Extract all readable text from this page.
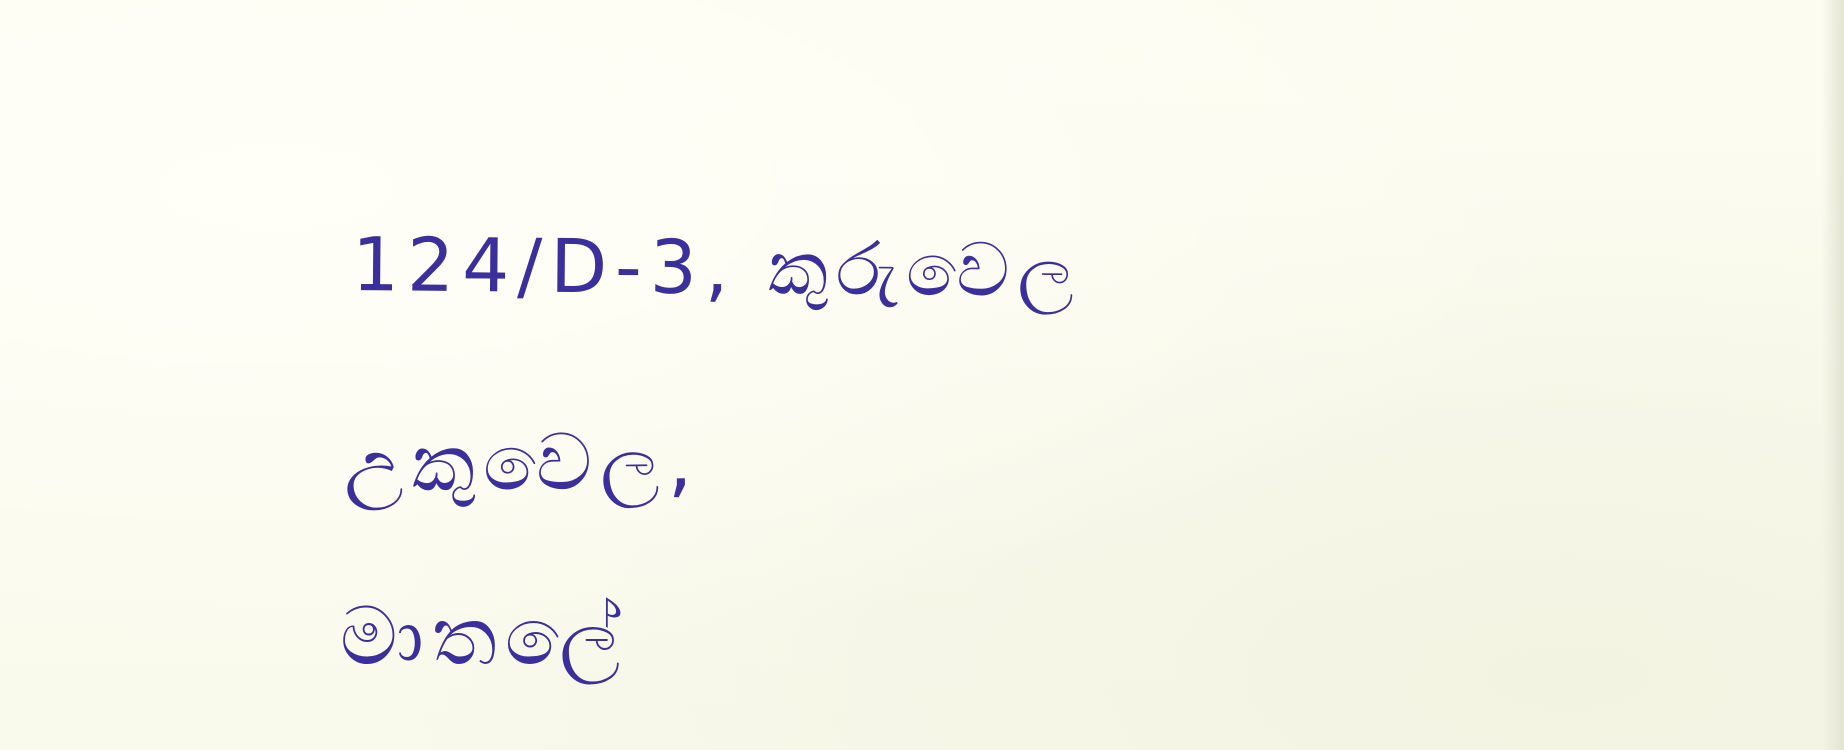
124/D-3, කුරුවෙල
උකුවෙල,
මාතලේ
